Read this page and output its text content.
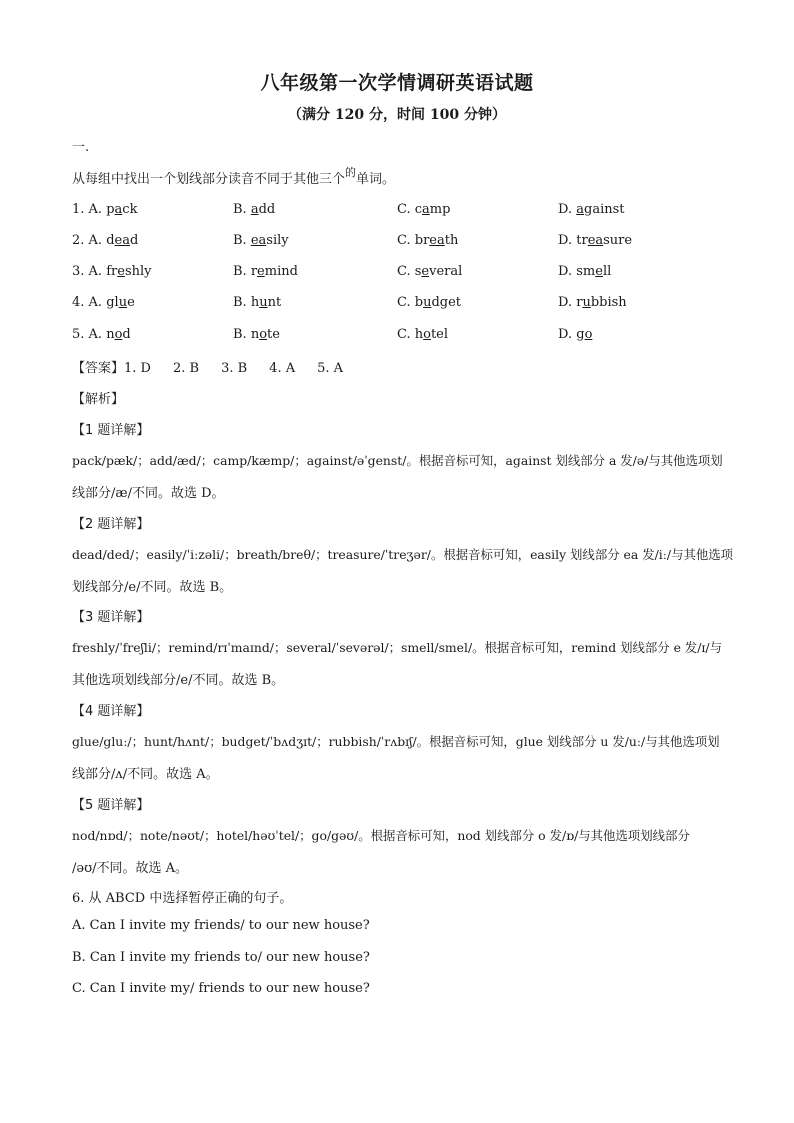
八年级第一次学情调研英语试题
（满分 120 分，时间 100 分钟）
一.
从每组中找出一个划线部分读音不同于其他三个$^的$单词。
1. A. pack	B. add	C. camp	D. against
2. A. dead	B. easily	C. breath	D. treasure
3. A. freshly	B. remind	C. several	D. smell
4. A. glue	B. hunt	C. budget	D. rubbish
5. A. nod	B. note	C. hotel	D. go
【答案】1. D 2. B 3. B 4. A 5. A
【解析】
【1 题详解】
pack/pæk/；add/æd/；camp/kæmp/；against/əˈgenst/。根据音标可知，against 划线部分 a 发/ə/与其他选项划
线部分/æ/不同。故选 D。
【2 题详解】
dead/ded/；easily/ˈiːzəli/；breath/breθ/；treasure/ˈtreʒər/。根据音标可知，easily 划线部分 ea 发/iː/与其他选项
划线部分/e/不同。故选 B。
【3 题详解】
freshly/ˈfreʃli/；remind/rɪˈmaɪnd/；several/ˈsevərəl/；smell/smel/。根据音标可知，remind 划线部分 e 发/ɪ/与
其他选项划线部分/e/不同。故选 B。
【4 题详解】
glue/gluː/；hunt/hʌnt/；budget/ˈbʌdʒɪt/；rubbish/ˈrʌbɪʃ/。根据音标可知，glue 划线部分 u 发/uː/与其他选项划
线部分/ʌ/不同。故选 A。
【5 题详解】
nod/nɒd/；note/nəʊt/；hotel/həʊˈtel/；go/gəʊ/。根据音标可知，nod 划线部分 o 发/ɒ/与其他选项划线部分
/əʊ/不同。故选 A。
6. 从 ABCD 中选择暂停正确的句子。
A. Can I invite my friends/ to our new house?
B. Can I invite my friends to/ our new house?
C. Can I invite my/ friends to our new house?
